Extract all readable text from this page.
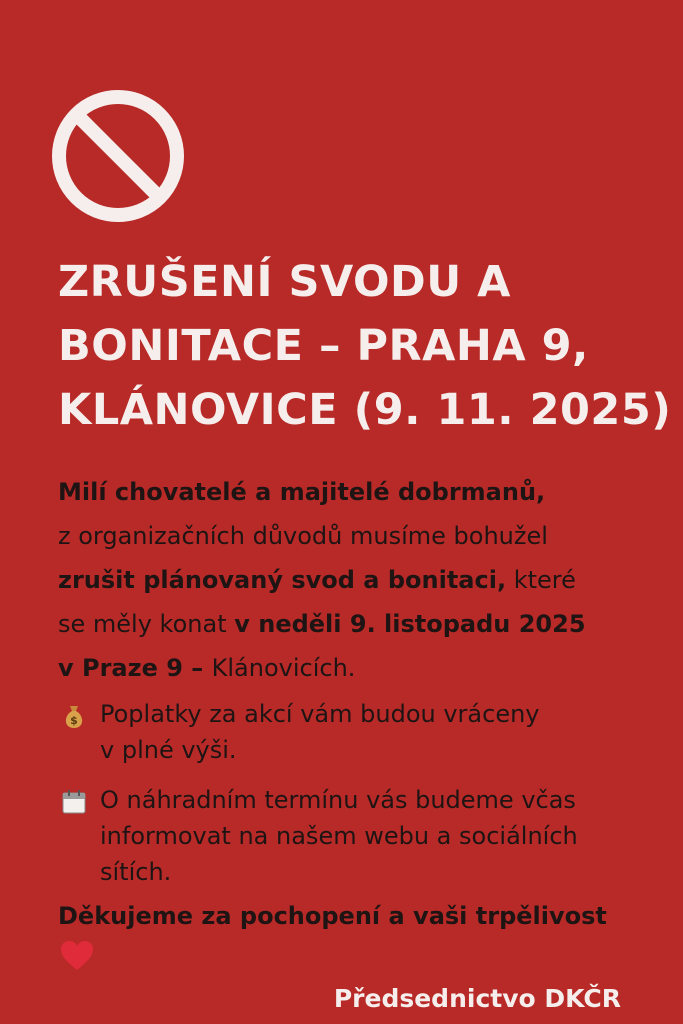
ZRUŠENÍ SVODU A
BONITACE – PRAHA 9,
KLÁNOVICE (9. 11. 2025)
Milí chovatelé a majitelé dobrmanů,
z organizačních důvodů musíme bohužel
zrušit plánovaný svod a bonitaci, které
se měly konat v neděli 9. listopadu 2025
v Praze 9 – Klánovicích.
$ Poplatky za akcí vám budou vráceny
v plné výši.
O náhradním termínu vás budeme včas
informovat na našem webu a sociálních
sítích.
Děkujeme za pochopení a vaši trpělivost
Předsednictvo DKČR
